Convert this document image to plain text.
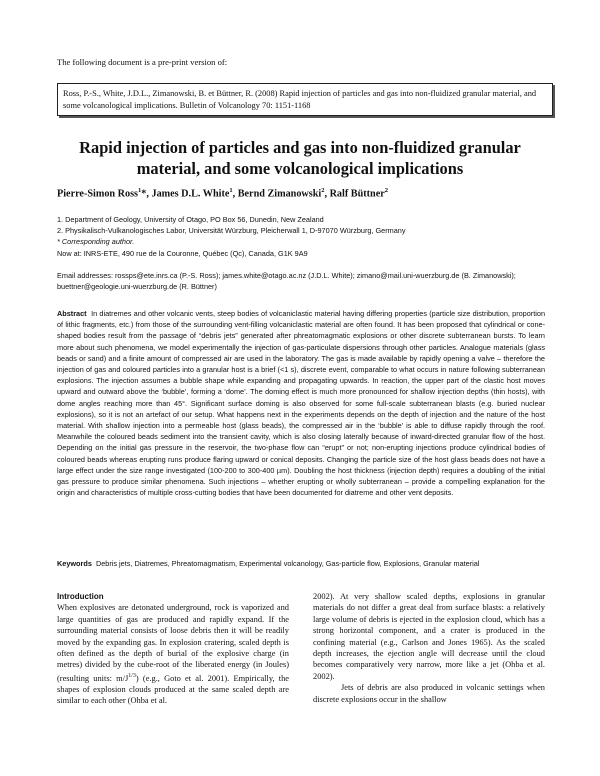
The following document is a pre-print version of:
Ross, P.-S., White, J.D.L., Zimanowski, B. et Büttner, R. (2008) Rapid injection of particles and gas into non-fluidized granular material, and some volcanological implications. Bulletin of Volcanology 70: 1151-1168
Rapid injection of particles and gas into non-fluidized granular
material, and some volcanological implications
Pierre-Simon Ross$^1$*, James D.L. White$^1$, Bernd Zimanowski$^2$, Ralf Büttner$^2$
1. Department of Geology, University of Otago, PO Box 56, Dunedin, New Zealand
2. Physikalisch-Vulkanologisches Labor, Universität Würzburg, Pleicherwall 1, D-97070 Würzburg, Germany
* Corresponding author.
Now at: INRS-ETE, 490 rue de la Couronne, Québec (Qc), Canada, G1K 9A9
Email addresses: rossps@ete.inrs.ca (P.-S. Ross); james.white@otago.ac.nz (J.D.L. White); zimano@mail.uni-wuerzburg.de (B. Zimanowski); buettner@geologie.uni-wuerzburg.de (R. Büttner)
Abstract In diatremes and other volcanic vents, steep bodies of volcaniclastic material having differing properties (particle size distribution, proportion of lithic fragments, etc.) from those of the surrounding vent-filling volcaniclastic material are often found. It has been proposed that cylindrical or cone-shaped bodies result from the passage of “debris jets” generated after phreatomagmatic explosions or other discrete subterranean bursts. To learn more about such phenomena, we model experimentally the injection of gas-particulate dispersions through other particles. Analogue materials (glass beads or sand) and a finite amount of compressed air are used in the laboratory. The gas is made available by rapidly opening a valve – therefore the injection of gas and coloured particles into a granular host is a brief (<1 s), discrete event, comparable to what occurs in nature following subterranean explosions. The injection assumes a bubble shape while expanding and propagating upwards. In reaction, the upper part of the clastic host moves upward and outward above the ‘bubble’, forming a ‘dome’. The doming effect is much more pronounced for shallow injection depths (thin hosts), with dome angles reaching more than 45°. Significant surface doming is also observed for some full-scale subterranean blasts (e.g. buried nuclear explosions), so it is not an artefact of our setup. What happens next in the experiments depends on the depth of injection and the nature of the host material. With shallow injection into a permeable host (glass beads), the compressed air in the ‘bubble’ is able to diffuse rapidly through the roof. Meanwhile the coloured beads sediment into the transient cavity, which is also closing laterally because of inward-directed granular flow of the host. Depending on the initial gas pressure in the reservoir, the two-phase flow can “erupt” or not; non-erupting injections produce cylindrical bodies of coloured beads whereas erupting runs produce flaring upward or conical deposits. Changing the particle size of the host glass beads does not have a large effect under the size range investigated (100-200 to 300-400 µm). Doubling the host thickness (injection depth) requires a doubling of the initial gas pressure to produce similar phenomena. Such injections – whether erupting or wholly subterranean – provide a compelling explanation for the origin and characteristics of multiple cross-cutting bodies that have been documented for diatreme and other vent deposits.
Keywords Debris jets, Diatremes, Phreatomagmatism, Experimental volcanology, Gas-particle flow, Explosions, Granular material
Introduction

When explosives are detonated underground, rock is vaporized and large quantities of gas are produced and rapidly expand. If the surrounding material consists of loose debris then it will be readily moved by the expanding gas. In explosion cratering, scaled depth is often defined as the depth of burial of the explosive charge (in metres) divided by the cube-root of the liberated energy (in Joules) (resulting units: $m/J^{1/3}$) (e.g., Goto et al. 2001). Empirically, the shapes of explosion clouds produced at the same scaled depth are similar to each other (Ohba et al.

2002). At very shallow scaled depths, explosions in granular materials do not differ a great deal from surface blasts: a relatively large volume of debris is ejected in the explosion cloud, which has a strong horizontal component, and a crater is produced in the confining material (e.g., Carlson and Jones 1965). As the scaled depth increases, the ejection angle will decrease until the cloud becomes comparatively very narrow, more like a jet (Ohba et al. 2002).

Jets of debris are also produced in volcanic settings when discrete explosions occur in the shallow
